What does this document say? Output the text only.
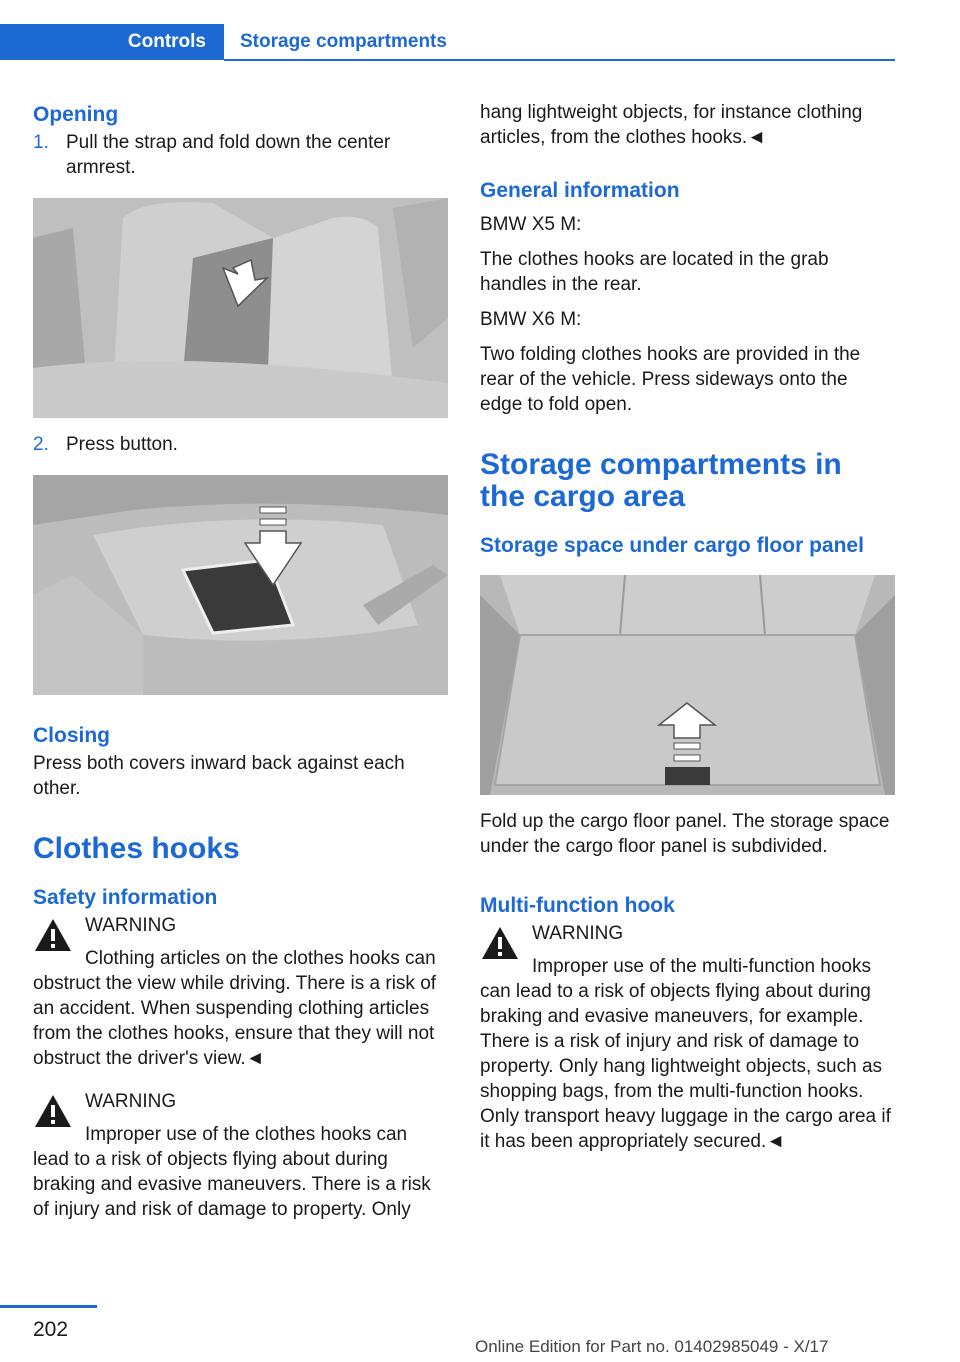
Controls	Storage compartments
Opening
1. Pull the strap and fold down the center armrest.
2. Press button.
Closing

Press both covers inward back against each other.

Clothes hooks
Safety information

WARNING

Clothing articles on the clothes hooks can obstruct the view while driving. There is a risk of an accident. When suspending clothing articles from the clothes hooks, ensure that they will not obstruct the driver's view.◄

WARNING

Improper use of the clothes hooks can lead to a risk of objects flying about during braking and evasive maneuvers. There is a risk of injury and risk of damage to property. Only

hang lightweight objects, for instance clothing articles, from the clothes hooks.◄

General information

BMW X5 M:

The clothes hooks are located in the grab handles in the rear.

BMW X6 M:

Two folding clothes hooks are provided in the rear of the vehicle. Press sideways onto the edge to fold open.

Storage compartments in the cargo area
Storage space under cargo floor panel

Fold up the cargo floor panel. The storage space under the cargo floor panel is subdivided.

Multi-function hook

WARNING

Improper use of the multi-function hooks can lead to a risk of objects flying about during braking and evasive maneuvers, for example. There is a risk of injury and risk of damage to property. Only hang lightweight objects, such as shopping bags, from the multi-function hooks. Only transport heavy luggage in the cargo area if it has been appropriately secured.◄

202
Online Edition for Part no. 01402985049 - X/17
